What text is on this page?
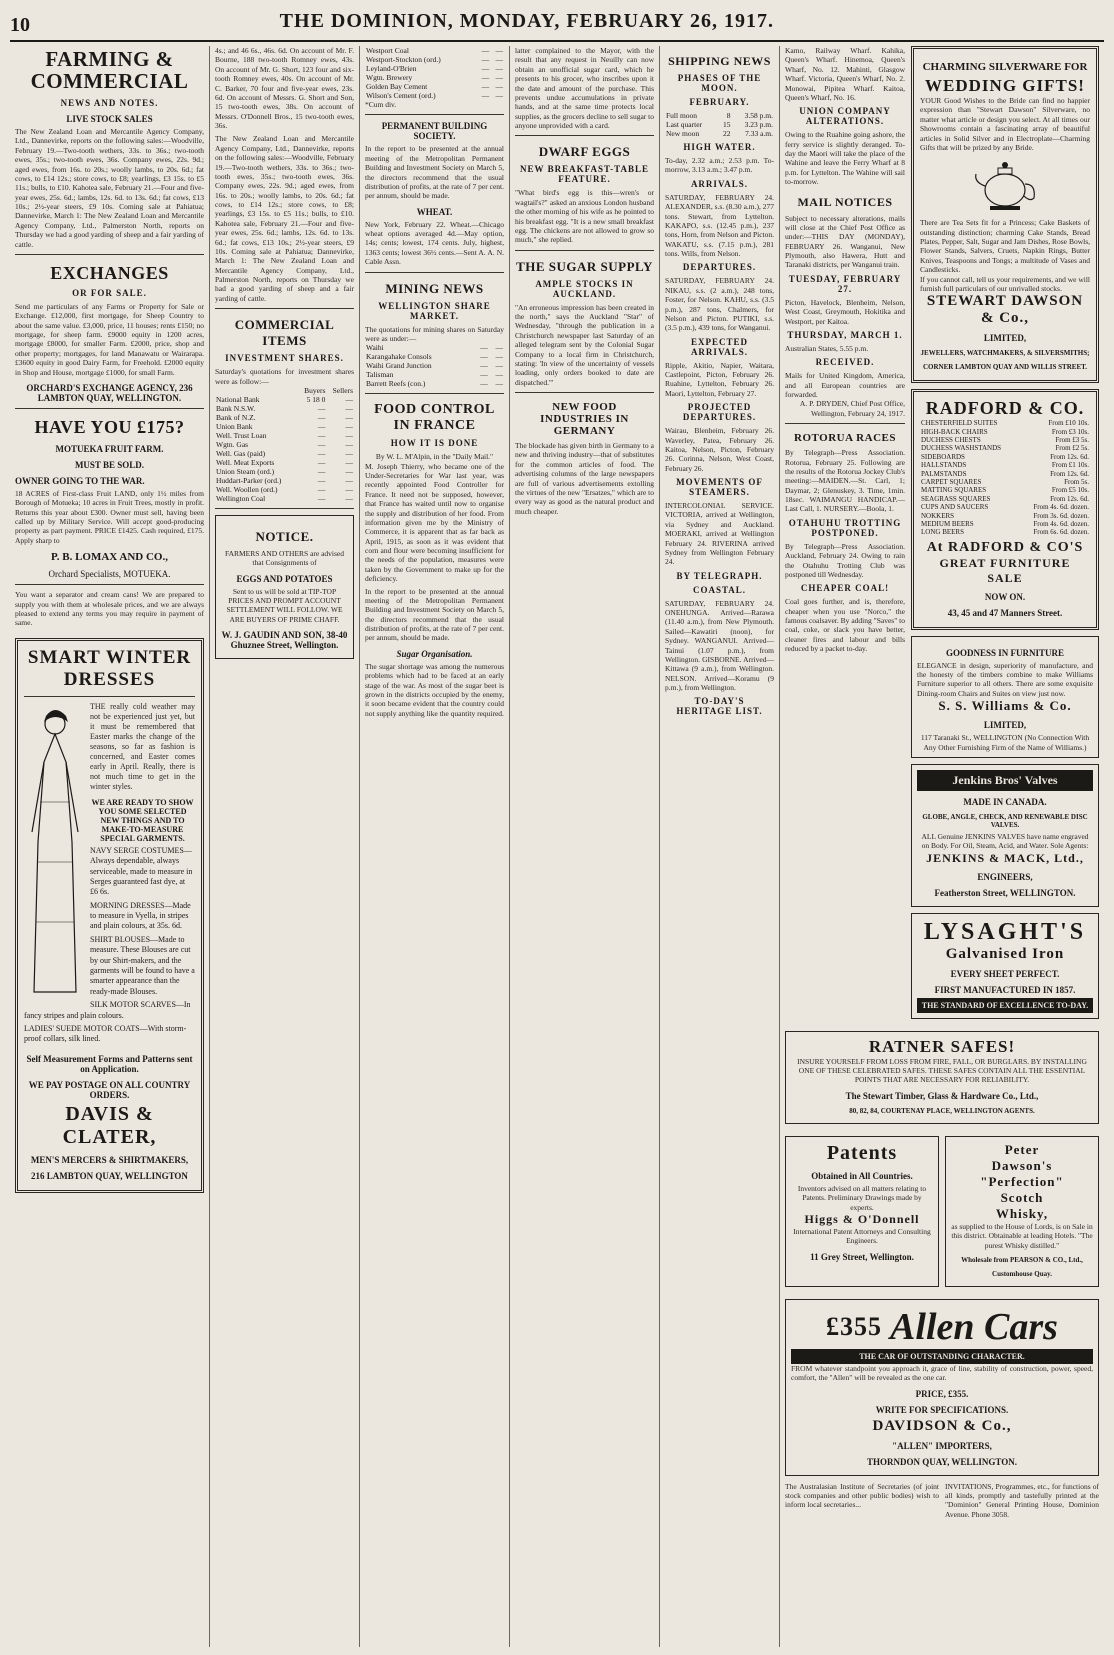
10	THE DOMINION, MONDAY, FEBRUARY 26, 1917.
FARMING & COMMERCIAL
NEWS AND NOTES.
LIVE STOCK SALES
The New Zealand Loan and Mercantile Agency Company, Ltd., Dannevirke, reports on the following sales:—Woodville, February 19.—Two-tooth wethers, 33s. to 36s.; two-tooth ewes, 35s.; two-tooth ewes, 36s. Company ewes, 22s. 9d.; aged ewes, from 16s. to 20s.; woolly lambs, to 20s. 6d.; fat cows, to £14 12s.; store cows, to £8; yearlings, £3 15s. to £5 11s.; bulls, to £10. Kahotea sale, February 21.—Four and five-year ewes, 25s. 6d.; lambs, 12s. 6d. to 13s. 6d.; fat cows, £13 10s.; 2½-year steers, £9 10s. Coming sale at Pahiatua; Dannevirke, March 1: The New Zealand Loan and Mercantile Agency Company, Ltd., Palmerston North, reports on Thursday we had a good yarding of sheep and a fair yarding of cattle.
EXCHANGES
OR FOR SALE.
Send me particulars of any Farms or Property for Sale or Exchange. £12,000, first mortgage, for Sheep Country to about the same value. £3,000, price, 11 houses; rents £150; no mortgage, for sheep farm. £9000 equity in 1200 acres, mortgage £8000, for smaller Farm. £2000, price, shop and other property; mortgages, for land Manawatu or Wairarapa. £3600 equity in good Dairy Farm, for Freehold. £2000 equity in Shop and House, mortgage £1000, for small Farm.
ORCHARD'S EXCHANGE AGENCY, 236 LAMBTON QUAY, WELLINGTON.
HAVE YOU £175?
MOTUEKA FRUIT FARM.
MUST BE SOLD.
OWNER GOING TO THE WAR.
18 ACRES of First-class Fruit LAND, only 1½ miles from Borough of Motueka; 10 acres in Fruit Trees, mostly in profit. Returns this year about £300. Owner must sell, having been called up by Military Service. Will accept good-producing property as part payment. PRICE £1425. Cash required, £175. Apply sharp to
P. B. LOMAX AND CO.,
Orchard Specialists, MOTUEKA.
You want a separator and cream cans! We are prepared to supply you with them at wholesale prices, and we are always pleased to extend any terms you may require in payment of same.
SMART WINTER
DRESSES
THE really cold weather may not be experienced just yet, but it must be remembered that Easter marks the change of the seasons, so far as fashion is concerned, and Easter comes early in April. Really, there is not much time to get in the winter styles.
WE ARE READY TO SHOW YOU SOME SELECTED NEW THINGS AND TO MAKE-TO-MEASURE SPECIAL GARMENTS.

NAVY SERGE COSTUMES—Always dependable, always serviceable, made to measure in Serges guaranteed fast dye, at £6 6s.

MORNING DRESSES—Made to measure in Vyella, in stripes and plain colours, at 35s. 6d.

SHIRT BLOUSES—Made to measure. These Blouses are cut by our Shirt-makers, and the garments will be found to have a smarter appearance than the ready-made Blouses.

SILK MOTOR SCARVES—In fancy stripes and plain colours.

LADIES' SUEDE MOTOR COATS—With storm-proof collars, silk lined.

Self Measurement Forms and Patterns sent on Application.
WE PAY POSTAGE ON ALL COUNTRY ORDERS.
DAVIS & CLATER,
MEN'S MERCERS & SHIRTMAKERS,
216 LAMBTON QUAY, WELLINGTON
4s.; and 46 6s., 46s. 6d. On account of Mr. F. Bourne, 188 two-tooth Romney ewes, 43s. On account of Mr. G. Short, 123 four and six-tooth Romney ewes, 40s. On account of Mr. C. Barker, 70 four and five-year ewes, 23s. 6d. On account of Messrs. G. Short and Son, 15 two-tooth ewes, 38s. On account of Messrs. O'Donnell Bros., 15 two-tooth ewes, 36s.
The New Zealand Loan and Mercantile Agency Company, Ltd., Dannevirke, reports on the following sales:—Woodville, February 19.—Two-tooth wethers, 33s. to 36s.; two-tooth ewes, 35s.; two-tooth ewes, 36s. Company ewes, 22s. 9d.; aged ewes, from 16s. to 20s.; woolly lambs, to 20s. 6d.; fat cows, to £14 12s.; store cows, to £8; yearlings, £3 15s. to £5 11s.; bulls, to £10. Kahotea sale, February 21.—Four and five-year ewes, 25s. 6d.; lambs, 12s. 6d. to 13s. 6d.; fat cows, £13 10s.; 2½-year steers, £9 10s. Coming sale at Pahiatua; Dannevirke, March 1: The New Zealand Loan and Mercantile Agency Company, Ltd., Palmerston North, reports on Thursday we had a good yarding of sheep and a fair yarding of cattle.
COMMERCIAL ITEMS
INVESTMENT SHARES.
Saturday's quotations for investment shares were as follow:—
	Buyers	Sellers
National Bank	5 18 0	—
Bank N.S.W.	—	—
Bank of N.Z.	—	—
Union Bank	—	—
Well. Trust Loan	—	—
Wgtn. Gas	—	—
Well. Gas (paid)	—	—
Well. Meat Exports	—	—
Union Steam (ord.)	—	—
Huddart-Parker (ord.)	—	—
Well. Woollen (ord.)	—	—
Wellington Coal	—	—
NOTICE.
FARMERS AND OTHERS are advised that Consignments of
EGGS AND POTATOES
Sent to us will be sold at TIP-TOP PRICES AND PROMPT ACCOUNT SETTLEMENT WILL FOLLOW. WE ARE BUYERS OF PRIME CHAFF.
W. J. GAUDIN AND SON, 38-40 Ghuznee Street, Wellington.
Westport Coal	—	—
Westport-Stockton (ord.)	—	—
Leyland-O'Brien	—	—
Wgtn. Brewery	—	—
Golden Bay Cement	—	—
Wilson's Cement (ord.)	—	—
*Cum div.
PERMANENT BUILDING SOCIETY.
In the report to be presented at the annual meeting of the Metropolitan Permanent Building and Investment Society on March 5, the directors recommend that the usual distribution of profits, at the rate of 7 per cent. per annum, should be made.
WHEAT.
New York, February 22. Wheat.—Chicago wheat options averaged 4d.—May option, 14s; cents; lowest, 174 cents. July, highest, 1363 cents; lowest 36½ cents.—Sent A. A. N. Cable Assn.
MINING NEWS
WELLINGTON SHARE MARKET.
The quotations for mining shares on Saturday were as under:—
Waihi	—	—
Karangahake Consols	—	—
Waihi Grand Junction	—	—
Talisman	—	—
Barrett Reefs (con.)	—	—
FOOD CONTROL IN FRANCE
HOW IT IS DONE
By W. L. M'Alpin, in the "Daily Mail."
M. Joseph Thierry, who became one of the Under-Secretaries for War last year, was recently appointed Food Controller for France. It need not be supposed, however, that France has waited until now to organise the supply and distribution of her food. From information given me by the Ministry of Commerce, it is apparent that as far back as April, 1915, as soon as it was evident that corn and flour were becoming insufficient for the needs of the population, measures were taken by the Government to make up for the deficiency.
In the report to be presented at the annual meeting of the Metropolitan Permanent Building and Investment Society on March 5, the directors recommend that the usual distribution of profits, at the rate of 7 per cent. per annum, should be made.
Sugar Organisation.
The sugar shortage was among the numerous problems which had to be faced at an early stage of the war. As most of the sugar beet is grown in the districts occupied by the enemy, it soon became evident that the country could not supply anything like the quantity required.
latter complained to the Mayor, with the result that any request in Neuilly can now obtain an unofficial sugar card, which he presents to his grocer, who inscribes upon it the date and amount of the purchase. This prevents undue accumulations in private hands, and at the same time protects local supplies, as the grocers decline to sell sugar to anyone unprovided with a card.
DWARF EGGS
NEW BREAKFAST-TABLE FEATURE.
"What bird's egg is this—wren's or wagtail's?" asked an anxious London husband the other morning of his wife as he pointed to his breakfast egg. "It is a new small breakfast egg. The chickens are not allowed to grow so much," she replied.
THE SUGAR SUPPLY
AMPLE STOCKS IN AUCKLAND.
"An erroneous impression has been created in the north," says the Auckland "Star" of Wednesday, "through the publication in a Christchurch newspaper last Saturday of an alleged telegram sent by the Colonial Sugar Company to a local firm in Christchurch, stating: 'In view of the uncertainty of vessels loading, only orders booked to date are dispatched.'"
NEW FOOD INDUSTRIES IN GERMANY
The blockade has given birth in Germany to a new and thriving industry—that of substitutes for the common articles of food. The advertising columns of the large newspapers are full of various advertisements extolling the virtues of the new "Ersatzes," which are to every way as good as the natural product and much cheaper.
SHIPPING NEWS
PHASES OF THE MOON.
FEBRUARY.
Full moon	8	3.58 p.m.
Last quarter	15	3.23 p.m.
New moon	22	7.33 a.m.
HIGH WATER.
To-day, 2.32 a.m.; 2.53 p.m. To-morrow, 3.13 a.m.; 3.47 p.m.
ARRIVALS.
SATURDAY, FEBRUARY 24. ALEXANDER, s.s. (8.30 a.m.), 277 tons. Stewart, from Lyttelton. KAKAPO, s.s. (12.45 p.m.), 237 tons, Horn, from Nelson and Picton. WAKATU, s.s. (7.15 p.m.), 281 tons. Wills, from Nelson.
DEPARTURES.
SATURDAY, FEBRUARY 24. NIKAU, s.s. (2 a.m.), 248 tons, Foster, for Nelson. KAHU, s.s. (3.5 p.m.), 287 tons, Chalmers, for Nelson and Picton. PUTIKI, s.s. (3.5 p.m.), 439 tons, for Wanganui.
EXPECTED ARRIVALS.
Ripple, Akitio, Napier, Waitara, Castlepoint, Picton, February 26. Ruahine, Lyttelton, February 26. Maori, Lyttelton, February 27.
PROJECTED DEPARTURES.
Wairau, Blenheim, February 26. Waverley, Patea, February 26. Kaitoa, Nelson, Picton, February 26. Corinna, Nelson, West Coast, February 26.
MOVEMENTS OF STEAMERS.
INTERCOLONIAL SERVICE. VICTORIA, arrived at Wellington, via Sydney and Auckland. MOERAKI, arrived at Wellington February 24. RIVERINA arrived Sydney from Wellington February 24.
BY TELEGRAPH.
COASTAL.
SATURDAY, FEBRUARY 24. ONEHUNGA. Arrived—Rarawa (11.40 a.m.), from New Plymouth. Sailed—Kawatiri (noon), for Sydney. WANGANUI. Arrived—Tainui (1.07 p.m.), from Wellington. GISBORNE. Arrived—Kittawa (9 a.m.), from Wellington. NELSON. Arrived—Koramu (9 p.m.), from Wellington.
TO-DAY'S HERITAGE LIST.
Kamo, Railway Wharf. Kahika, Queen's Wharf. Hinemoa, Queen's Wharf, No. 12. Mahinti, Glasgow Wharf. Victoria, Queen's Wharf, No. 2. Monowai, Pipitea Wharf. Kaitoa, Queen's Wharf, No. 16.
UNION COMPANY ALTERATIONS.
Owing to the Ruahine going ashore, the ferry service is slightly deranged. To-day the Maori will take the place of the Wahine and leave the Ferry Wharf at 8 p.m. for Lyttelton. The Wahine will sail to-morrow.
MAIL NOTICES
Subject to necessary alterations, mails will close at the Chief Post Office as under:—THIS DAY (MONDAY), FEBRUARY 26. Wanganui, New Plymouth, also Hawera, Hutt and Taranaki districts, per Wanganui train.
TUESDAY, FEBRUARY 27.
Picton, Havelock, Blenheim, Nelson, West Coast, Greymouth, Hokitika and Westport, per Kaitoa.
THURSDAY, MARCH 1.
Australian States, 5.55 p.m.
RECEIVED.
Mails for United Kingdom, America, and all European countries are forwarded.
A. P. DRYDEN, Chief Post Office, Wellington, February 24, 1917.
ROTORUA RACES
By Telegraph—Press Association. Rotorua, February 25. Following are the results of the Rotorua Jockey Club's meeting:—MAIDEN.—St. Carl, 1; Daymar, 2; Glenuskey, 3. Time, 1min. 18sec. WAIMANGU HANDICAP.—Last Call, 1. NURSERY.—Boola, 1.
OTAHUHU TROTTING POSTPONED.
By Telegraph—Press Association. Auckland, February 24. Owing to rain the Otahuhu Trotting Club was postponed till Wednesday.
CHEAPER COAL!
Coal goes further, and is, therefore, cheaper when you use "Norco," the famous coalsaver. By adding "Saves" to coal, coke, or slack you have better, cleaner fires and labour and bills reduced by a packet to-day.
CHARMING SILVERWARE FOR
WEDDING GIFTS!
YOUR Good Wishes to the Bride can find no happier expression than "Stewart Dawson" Silverware, no matter what article or design you select. At all times our Showrooms contain a fascinating array of beautiful articles in Solid Silver and in Electroplate—Charming Gifts that will be prized by any Bride.
There are Tea Sets fit for a Princess; Cake Baskets of outstanding distinction; charming Cake Stands, Bread Plates, Pepper, Salt, Sugar and Jam Dishes, Rose Bowls, Flower Stands, Salvers, Cruets, Napkin Rings, Butter Knives, Teaspoons and Tongs; a multitude of Vases and Candlesticks.
If you cannot call, tell us your requirements, and we will furnish full particulars of our unrivalled stocks.
STEWART DAWSON & Co.,
LIMITED,
JEWELLERS, WATCHMAKERS, & SILVERSMITHS;
CORNER LAMBTON QUAY AND WILLIS STREET.
RADFORD & CO.
CHESTERFIELD SUITES	From £10 10s.
HIGH-BACK CHAIRS	From £3 10s.
DUCHESS CHESTS	From £3 5s.
DUCHESS WASHSTANDS	From £2 5s.
SIDEBOARDS	From 12s. 6d.
HALLSTANDS	From £1 10s.
PALMSTANDS	From 12s. 6d.
CARPET SQUARES	From 5s.
MATTING SQUARES	From £5 10s.
SEAGRASS SQUARES	From 12s. 6d.
CUPS AND SAUCERS	From 4s. 6d. dozen.
NOKKERS	From 3s. 6d. dozen.
MEDIUM BEERS	From 4s. 6d. dozen.
LONG BEERS	From 6s. 6d. dozen.
At RADFORD & CO'S
GREAT FURNITURE SALE
NOW ON.
43, 45 and 47 Manners Street.
GOODNESS IN FURNITURE
ELEGANCE in design, superiority of manufacture, and the honesty of the timbers combine to make Williams Furniture superior to all others. There are some exquisite Dining-room Chairs and Suites on view just now.
S. S. Williams & Co.
LIMITED,
117 Taranaki St., WELLINGTON (No Connection With Any Other Furnishing Firm of the Name of Williams.)
Jenkins Bros' Valves
MADE IN CANADA.
GLOBE, ANGLE, CHECK, AND RENEWABLE DISC VALVES.
ALL Genuine JENKINS VALVES have name engraved on Body. For Oil, Steam, Acid, and Water. Sole Agents:
JENKINS & MACK, Ltd.,
ENGINEERS,
Featherston Street, WELLINGTON.
LYSAGHT'S
Galvanised Iron
EVERY SHEET PERFECT.
FIRST MANUFACTURED IN 1857.
THE STANDARD OF EXCELLENCE TO-DAY.
RATNER SAFES!
INSURE YOURSELF FROM LOSS FROM FIRE, FALL, OR BURGLARS. BY INSTALLING ONE OF THESE CELEBRATED SAFES. THESE SAFES CONTAIN ALL THE ESSENTIAL POINTS THAT ARE NECESSARY FOR RELIABILITY.
The Stewart Timber, Glass & Hardware Co., Ltd.,
80, 82, 84, COURTENAY PLACE, WELLINGTON AGENTS.
Patents
Obtained in All Countries.
Inventors advised on all matters relating to Patents. Preliminary Drawings made by experts.
Higgs & O'Donnell
International Patent Attorneys and Consulting Engineers.
11 Grey Street, Wellington.
Peter
Dawson's
"Perfection"
Scotch
Whisky,
as supplied to the House of Lords, is on Sale in this district. Obtainable at leading Hotels. "The purest Whisky distilled."
Wholesale from PEARSON & CO., Ltd.,
Customhouse Quay.
£355 Allen Cars
THE CAR OF OUTSTANDING CHARACTER.
FROM whatever standpoint you approach it, grace of line, stability of construction, power, speed, comfort, the "Allen" will be revealed as the one car.
PRICE, £355.
WRITE FOR SPECIFICATIONS.
DAVIDSON & Co.,
"ALLEN" IMPORTERS,
THORNDON QUAY, WELLINGTON.
The Australasian Institute of Secretaries (of joint stock companies and other public bodies) wish to inform local secretaries...
INVITATIONS, Programmes, etc., for functions of all kinds, promptly and tastefully printed at the "Dominion" General Printing House, Dominion Avenue. Phone 3058.
